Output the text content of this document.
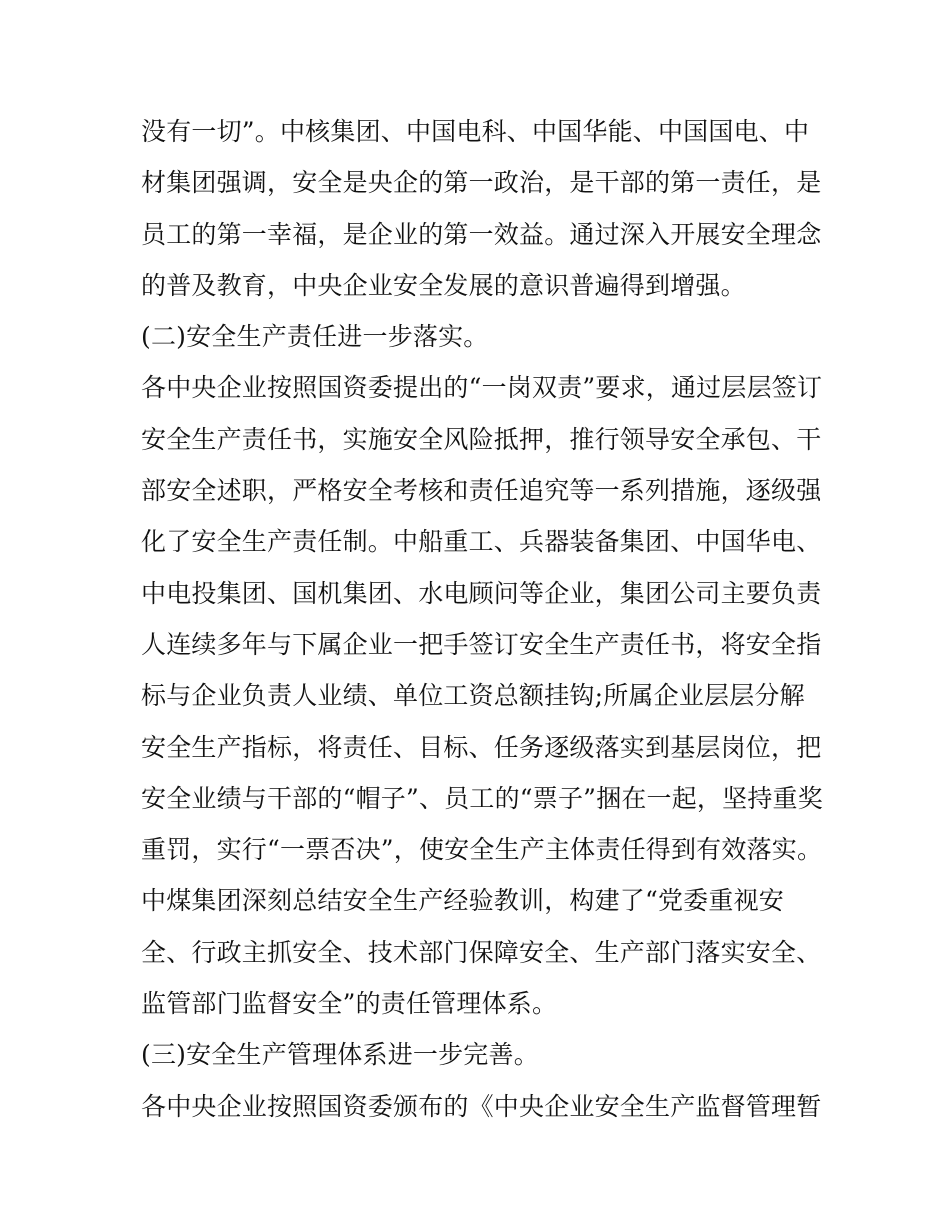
没有一切”。中核集团、中国电科、中国华能、中国国电、中
材集团强调，安全是央企的第一政治，是干部的第一责任，是
员工的第一幸福，是企业的第一效益。通过深入开展安全理念
的普及教育，中央企业安全发展的意识普遍得到增强。
(二)安全生产责任进一步落实。
各中央企业按照国资委提出的“一岗双责”要求，通过层层签订
安全生产责任书，实施安全风险抵押，推行领导安全承包、干
部安全述职，严格安全考核和责任追究等一系列措施，逐级强
化了安全生产责任制。中船重工、兵器装备集团、中国华电、
中电投集团、国机集团、水电顾问等企业，集团公司主要负责
人连续多年与下属企业一把手签订安全生产责任书，将安全指
标与企业负责人业绩、单位工资总额挂钩;所属企业层层分解
安全生产指标，将责任、目标、任务逐级落实到基层岗位，把
安全业绩与干部的“帽子”、员工的“票子”捆在一起，坚持重奖
重罚，实行“一票否决”，使安全生产主体责任得到有效落实。
中煤集团深刻总结安全生产经验教训，构建了“党委重视安
全、行政主抓安全、技术部门保障安全、生产部门落实安全、
监管部门监督安全”的责任管理体系。
(三)安全生产管理体系进一步完善。
各中央企业按照国资委颁布的《中央企业安全生产监督管理暂
